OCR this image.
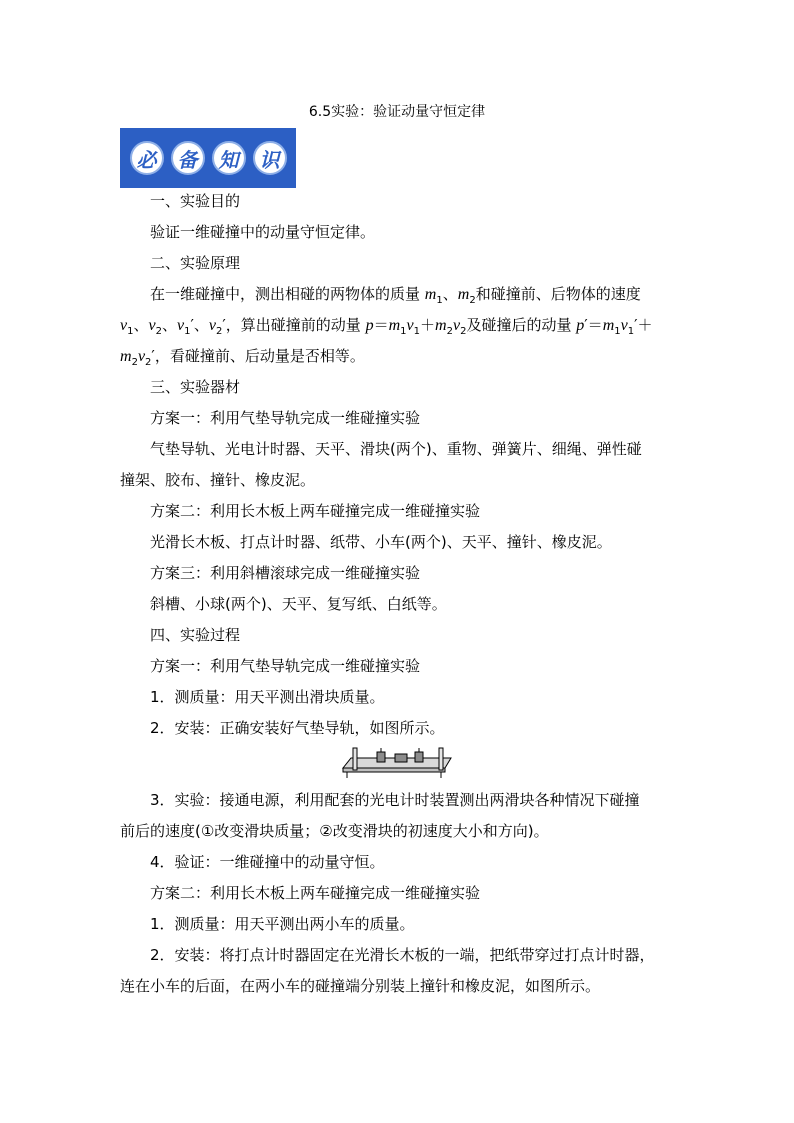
6.5实验：验证动量守恒定律
必	备	知	识
一、实验目的
验证一维碰撞中的动量守恒定律。
二、实验原理
在一维碰撞中，测出相碰的两物体的质量 $m_1$、$m_2$和碰撞前、后物体的速度
$v_1$、$v_2$、$v_1'$、$v_2'$，算出碰撞前的动量 $p=m_1v_1+m_2v_2$及碰撞后的动量 $p'=m_1v_1'+$
$m_2v_2'$，看碰撞前、后动量是否相等。
三、实验器材
方案一：利用气垫导轨完成一维碰撞实验
气垫导轨、光电计时器、天平、滑块(两个)、重物、弹簧片、细绳、弹性碰
撞架、胶布、撞针、橡皮泥。
方案二：利用长木板上两车碰撞完成一维碰撞实验
光滑长木板、打点计时器、纸带、小车(两个)、天平、撞针、橡皮泥。
方案三：利用斜槽滚球完成一维碰撞实验
斜槽、小球(两个)、天平、复写纸、白纸等。
四、实验过程
方案一：利用气垫导轨完成一维碰撞实验
1．测质量：用天平测出滑块质量。
2．安装：正确安装好气垫导轨，如图所示。
3．实验：接通电源，利用配套的光电计时装置测出两滑块各种情况下碰撞
前后的速度(①改变滑块质量；②改变滑块的初速度大小和方向)。
4．验证：一维碰撞中的动量守恒。
方案二：利用长木板上两车碰撞完成一维碰撞实验
1．测质量：用天平测出两小车的质量。
2．安装：将打点计时器固定在光滑长木板的一端，把纸带穿过打点计时器，
连在小车的后面，在两小车的碰撞端分别装上撞针和橡皮泥，如图所示。
